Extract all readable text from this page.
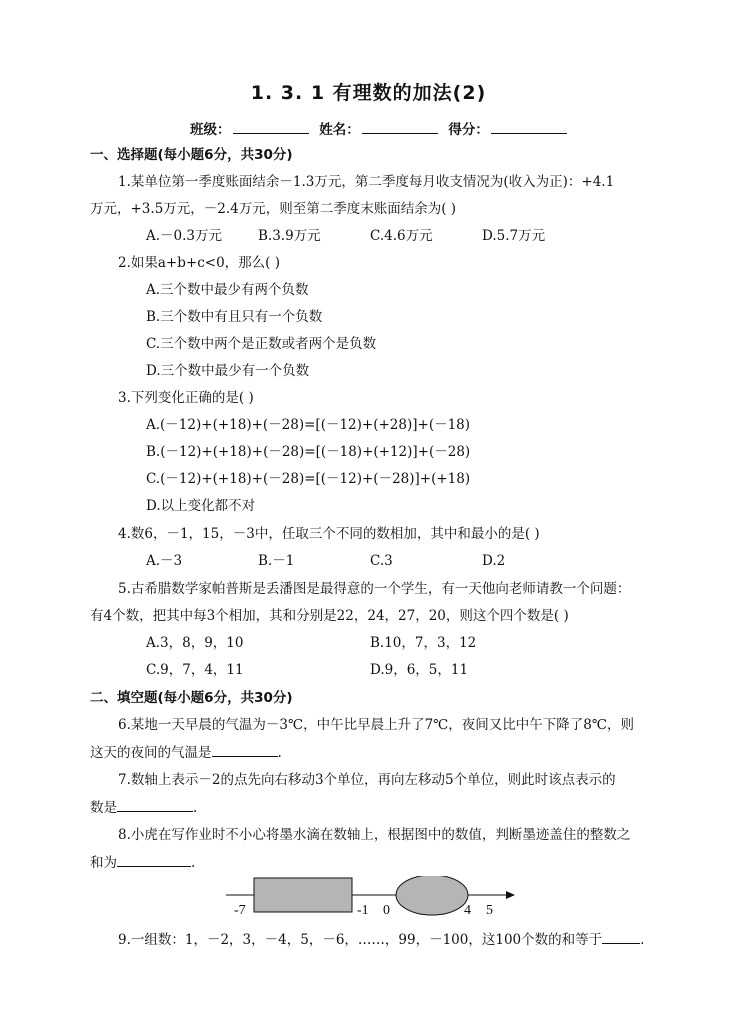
1. 3. 1 有理数的加法(2)
班级：	姓名：	得分：
一、选择题(每小题6分，共30分)
1.某单位第一季度账面结余－1.3万元，第二季度每月收支情况为(收入为正)：+4.1
万元，+3.5万元，－2.4万元，则至第二季度末账面结余为( )
A.－0.3万元	B.3.9万元	C.4.6万元	D.5.7万元
2.如果a+b+c<0，那么( )
A.三个数中最少有两个负数
B.三个数中有且只有一个负数
C.三个数中两个是正数或者两个是负数
D.三个数中最少有一个负数
3.下列变化正确的是( )
A.(－12)+(+18)+(－28)=[(－12)+(+28)]+(－18)
B.(－12)+(+18)+(－28)=[(－18)+(+12)]+(－28)
C.(－12)+(+18)+(－28)=[(－12)+(－28)]+(+18)
D.以上变化都不对
4.数6，－1，15，－3中，任取三个不同的数相加，其中和最小的是( )
A.－3	B.－1	C.3	D.2
5.古希腊数学家帕普斯是丢潘图是最得意的一个学生，有一天他向老师请教一个问题：
有4个数，把其中每3个相加，其和分别是22，24，27，20，则这个四个数是( )
A.3，8，9，10	B.10，7，3，12
C.9，7，4，11	D.9，6，5，11
二、填空题(每小题6分，共30分)
6.某地一天早晨的气温为－3℃，中午比早晨上升了7℃，夜间又比中午下降了8℃，则
这天的夜间的气温是	.
7.数轴上表示－2的点先向右移动3个单位，再向左移动5个单位，则此时该点表示的
数是	.
8.小虎在写作业时不小心将墨水滴在数轴上，根据图中的数值，判断墨迹盖住的整数之
和为	.
-7	-1 0	4 5
9.一组数：1，－2，3，－4，5，－6，……，99，－100，这100个数的和等于	.
